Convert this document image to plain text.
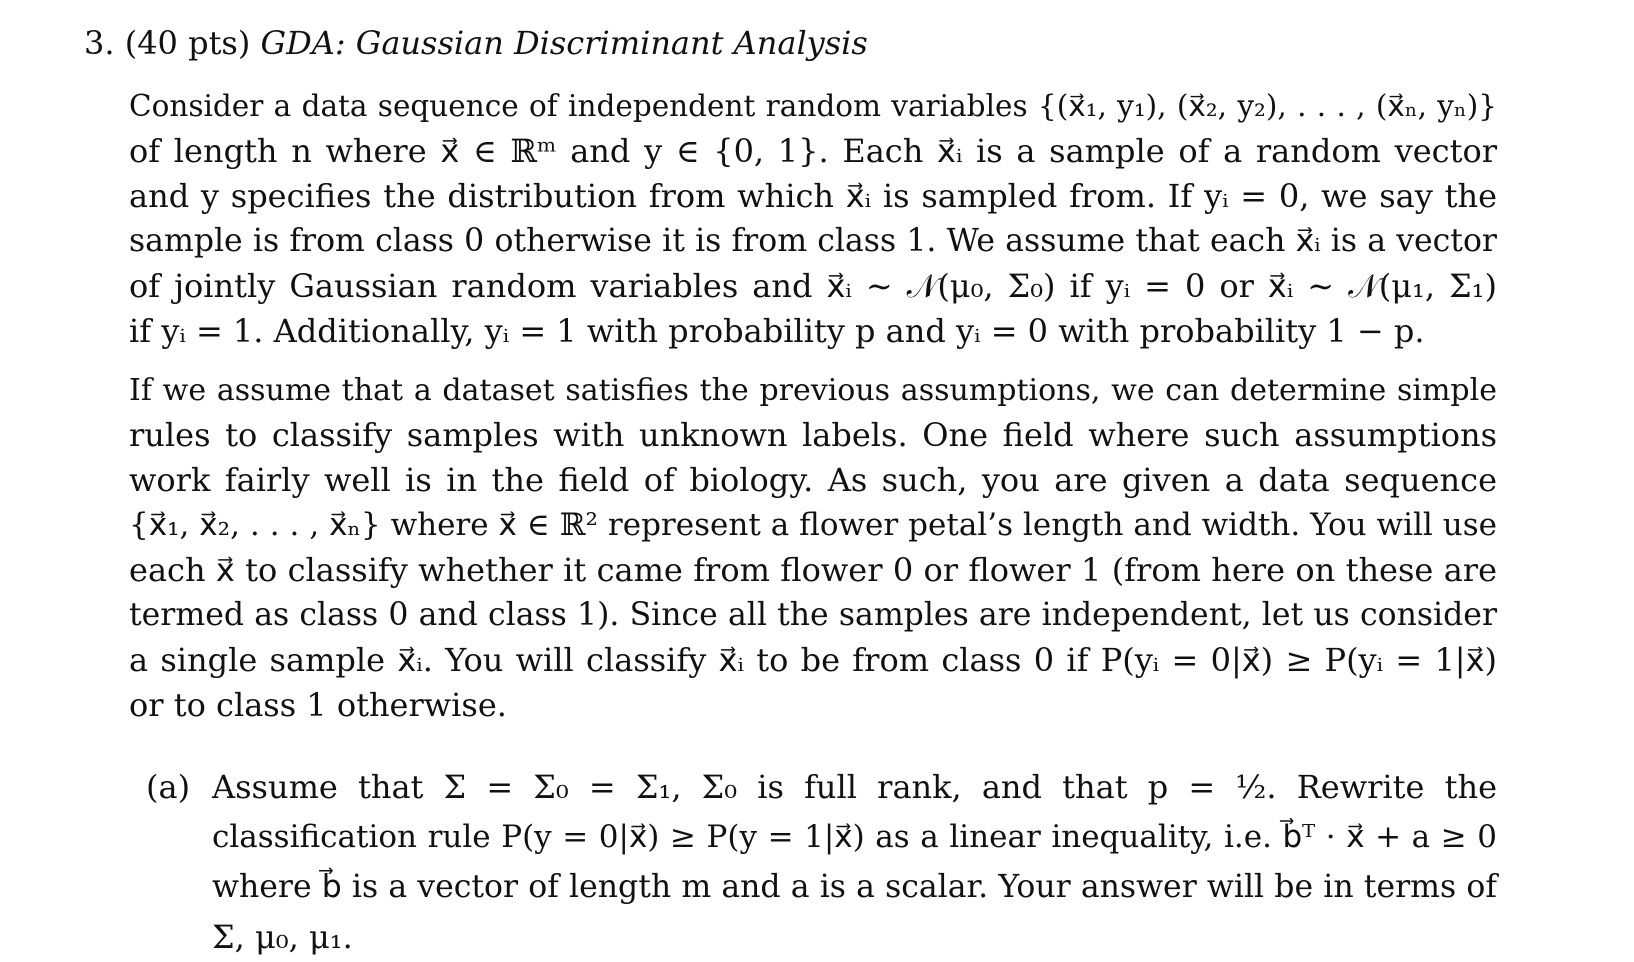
3. (40 pts) GDA: Gaussian Discriminant Analysis
Consider a data sequence of independent random variables {(x⃗₁, y₁), (x⃗₂, y₂), . . . , (x⃗ₙ, yₙ)}
of length n where x⃗ ∈ ℝᵐ and y ∈ {0, 1}. Each x⃗ᵢ is a sample of a random vector
and y specifies the distribution from which x⃗ᵢ is sampled from. If yᵢ = 0, we say the
sample is from class 0 otherwise it is from class 1. We assume that each x⃗ᵢ is a vector
of jointly Gaussian random variables and x⃗ᵢ ∼ 𝒩(μ₀, Σ₀) if yᵢ = 0 or x⃗ᵢ ∼ 𝒩(μ₁, Σ₁)
if yᵢ = 1. Additionally, yᵢ = 1 with probability p and yᵢ = 0 with probability 1 − p.
If we assume that a dataset satisfies the previous assumptions, we can determine simple
rules to classify samples with unknown labels. One field where such assumptions
work fairly well is in the field of biology. As such, you are given a data sequence
{x⃗₁, x⃗₂, . . . , x⃗ₙ} where x⃗ ∈ ℝ² represent a flower petal’s length and width. You will use
each x⃗ to classify whether it came from flower 0 or flower 1 (from here on these are
termed as class 0 and class 1). Since all the samples are independent, let us consider
a single sample x⃗ᵢ. You will classify x⃗ᵢ to be from class 0 if P(yᵢ = 0|x⃗) ≥ P(yᵢ = 1|x⃗)
or to class 1 otherwise.
(a) Assume that Σ = Σ₀ = Σ₁, Σ₀ is full rank, and that p = ½. Rewrite the
classification rule P(y = 0|x⃗) ≥ P(y = 1|x⃗) as a linear inequality, i.e. b⃗ᵀ · x⃗ + a ≥ 0
where b⃗ is a vector of length m and a is a scalar. Your answer will be in terms of
Σ, μ₀, μ₁.
